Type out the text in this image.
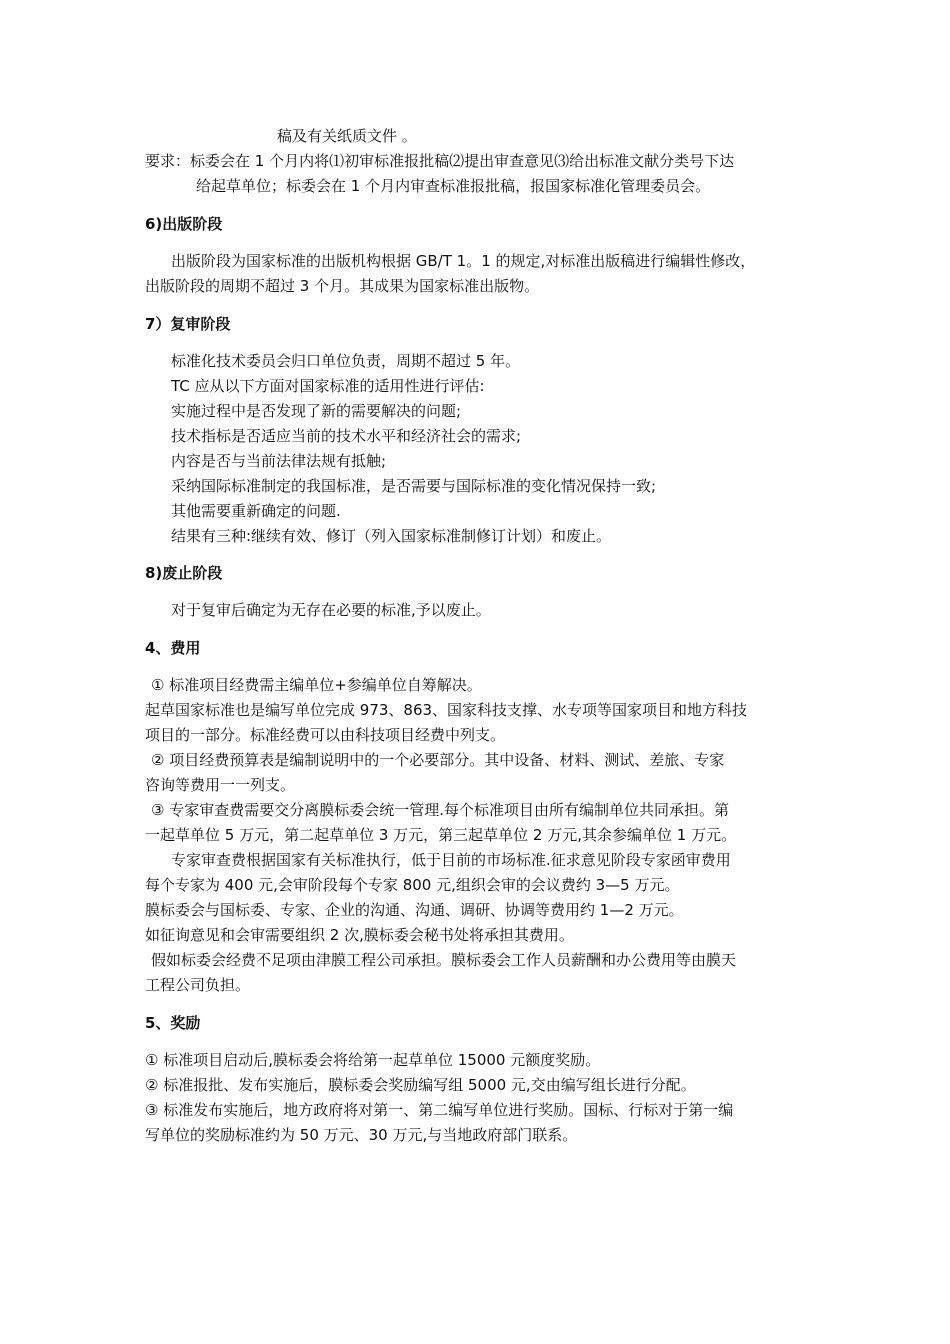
稿及有关纸质文件 。
要求：标委会在 1 个月内将⑴初审标准报批稿⑵提出审查意见⑶给出标准文献分类号下达
给起草单位；标委会在 1 个月内审查标准报批稿，报国家标准化管理委员会。
6)出版阶段
出版阶段为国家标准的出版机构根据 GB/T 1。1 的规定,对标准出版稿进行编辑性修改，
出版阶段的周期不超过 3 个月。其成果为国家标准出版物。
7）复审阶段
标准化技术委员会归口单位负责，周期不超过 5 年。
TC 应从以下方面对国家标准的适用性进行评估:
实施过程中是否发现了新的需要解决的问题;
技术指标是否适应当前的技术水平和经济社会的需求;
内容是否与当前法律法规有抵触;
采纳国际标准制定的我国标准，是否需要与国际标准的变化情况保持一致;
其他需要重新确定的问题.
结果有三种:继续有效、修订（列入国家标准制修订计划）和废止。
8)废止阶段
对于复审后确定为无存在必要的标准,予以废止。
4、费用
① 标准项目经费需主编单位+参编单位自筹解决。
起草国家标准也是编写单位完成 973、863、国家科技支撑、水专项等国家项目和地方科技
项目的一部分。标准经费可以由科技项目经费中列支。
② 项目经费预算表是编制说明中的一个必要部分。其中设备、材料、测试、差旅、专家
咨询等费用一一列支。
③ 专家审查费需要交分离膜标委会统一管理.每个标准项目由所有编制单位共同承担。第
一起草单位 5 万元，第二起草单位 3 万元，第三起草单位 2 万元,其余参编单位 1 万元。
专家审查费根据国家有关标准执行，低于目前的市场标准.征求意见阶段专家函审费用
每个专家为 400 元,会审阶段每个专家 800 元,组织会审的会议费约 3—5 万元。
膜标委会与国标委、专家、企业的沟通、沟通、调研、协调等费用约 1—2 万元。
如征询意见和会审需要组织 2 次,膜标委会秘书处将承担其费用。
假如标委会经费不足项由津膜工程公司承担。膜标委会工作人员薪酬和办公费用等由膜天
工程公司负担。
5、奖励
① 标准项目启动后,膜标委会将给第一起草单位 15000 元额度奖励。
② 标准报批、发布实施后，膜标委会奖励编写组 5000 元,交由编写组长进行分配。
③ 标准发布实施后，地方政府将对第一、第二编写单位进行奖励。国标、行标对于第一编
写单位的奖励标准约为 50 万元、30 万元,与当地政府部门联系。
